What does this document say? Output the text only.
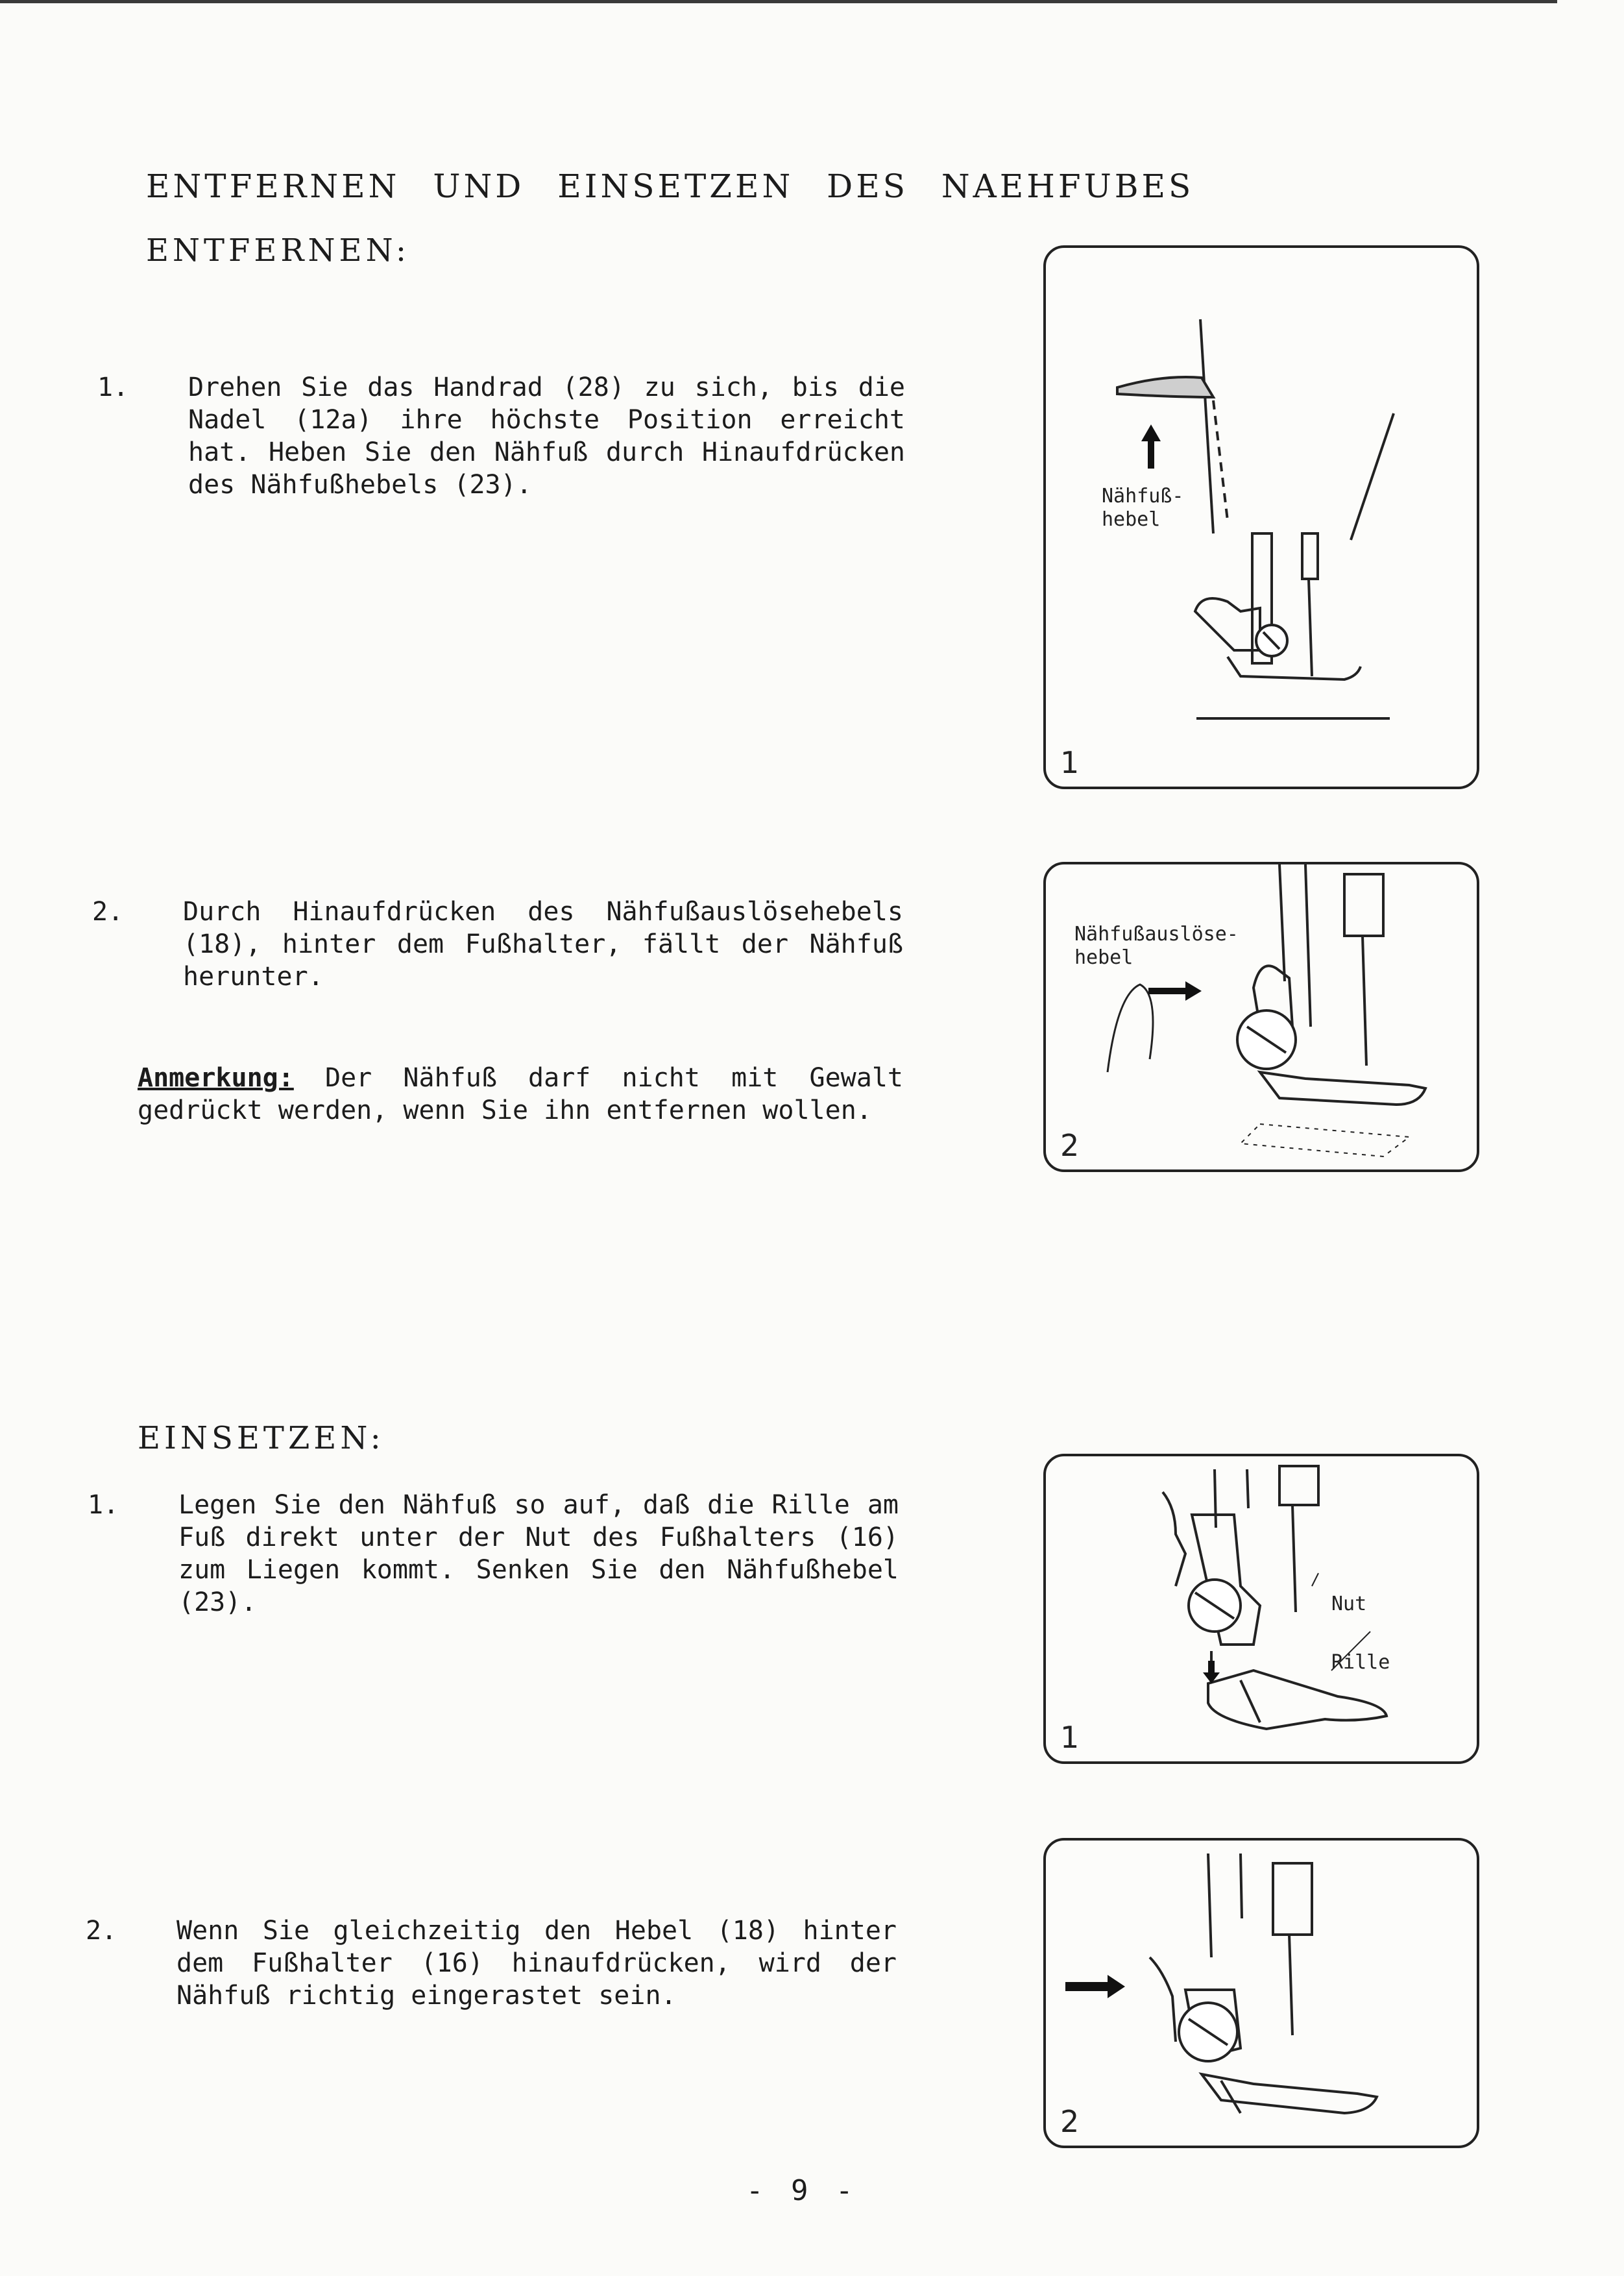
ENTFERNEN UND EINSETZEN DES NAEHFUBES
ENTFERNEN:
1. Drehen Sie das Handrad (28) zu sich, bis die Nadel (12a) ihre höchste Position erreicht hat. Heben Sie den Nähfuß durch Hinaufdrücken des Nähfußhebels (23).
2. Durch Hinaufdrücken des Nähfußauslösehebels (18), hinter dem Fußhalter, fällt der Nähfuß herunter.
Anmerkung: Der Nähfuß darf nicht mit Gewalt gedrückt werden, wenn Sie ihn entfernen wollen.
Nähfuß-
hebel
1
Nähfußauslöse-
hebel
2
EINSETZEN:
1. Legen Sie den Nähfuß so auf, daß die Rille am Fuß direkt unter der Nut des Fußhalters (16) zum Liegen kommt. Senken Sie den Nähfußhebel (23).
2. Wenn Sie gleichzeitig den Hebel (18) hinter dem Fußhalter (16) hinaufdrücken, wird der Nähfuß richtig eingerastet sein.
Nut
Rille
1
2
- 9 -
